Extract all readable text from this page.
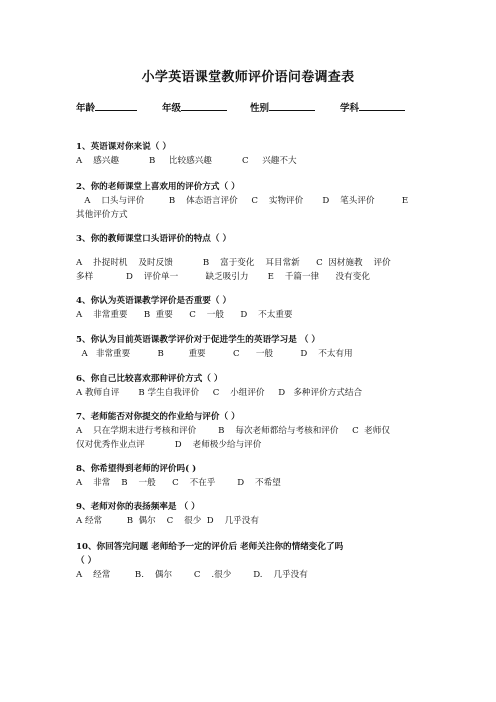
小学英语课堂教师评价语问卷调查表
年龄	年级	性别	学科
1、英语课对你来说（ ）
A    感兴趣           B     比较感兴趣           C     兴趣不大
2、你的老师课堂上喜欢用的评价方式（ ）
A    口头与评价         B    体态语言评价     C    实物评价       D    笔头评价          E
其他评价方式
3、你的教师课堂口头语评价的特点（ ）
A    扑捉时机    及时反馈           B    富于变化    耳目常新      C  因材施教    评价
多样            D    评价单一          缺乏吸引力       E    千篇一律      没有变化
4、你认为英语课教学评价是否重要（ ）
A    非常重要      B  重要      C    一般      D    不太重要
5、你认为目前英语课教学评价对于促进学生的英语学习是 （ ）
A   非常重要          B         重要          C      一般          D    不太有用
6、你自己比较喜欢那种评价方式（ ）
A 教师自评       B 学生自我评价     C    小组评价     D   多种评价方式结合
7、老师能否对你提交的作业给与评价（ ）
A    只在学期末进行考核和评价        B    每次老师都给与考核和评价     C  老师仅
仅对优秀作业点评           D    老师极少给与评价
8、你希望得到老师的评价吗( )
A    非常    B    一般      C    不在乎        D    不希望
9、老师对你的表扬频率是 （ ）
A 经常         B  偶尔    C    很少  D    几乎没有
10、你回答完问题 老师给予一定的评价后 老师关注你的情绪变化了吗
（ ）
A    经常         B.    偶尔        C    .很少        D.    几乎没有
